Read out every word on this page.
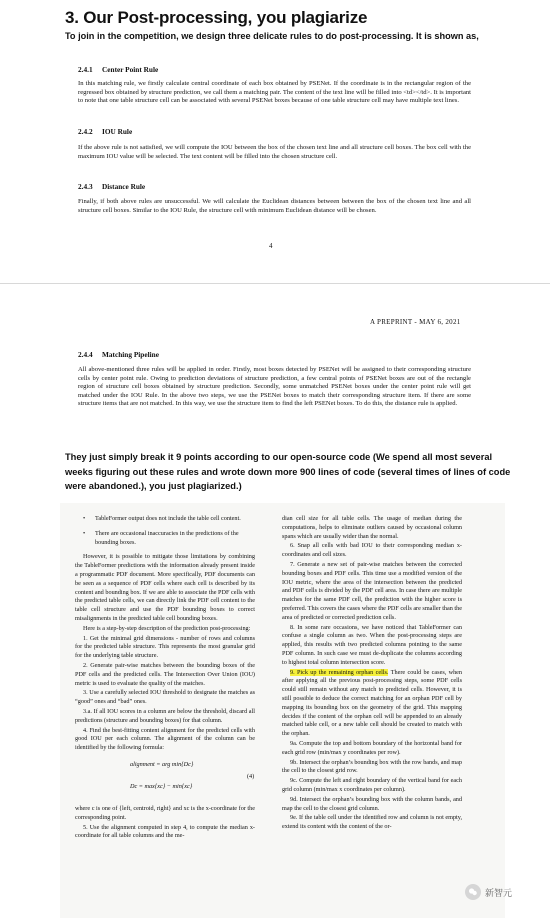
3. Our Post-processing, you plagiarize
To join in the competition, we design three delicate rules to do post-processing. It is shown as,
2.4.1 Center Point Rule
In this matching rule, we firstly calculate central coordinate of each box obtained by PSENet. If the coordinate is in the rectangular region of the regressed box obtained by structure prediction, we call them a matching pair. The content of the text line will be filled into <td></td>. It is important to note that one table structure cell can be associated with several PSENet boxes because of one table structure cell may have multiple text lines.
2.4.2 IOU Rule
If the above rule is not satisfied, we will compute the IOU between the box of the chosen text line and all structure cell boxes. The box cell with the maximum IOU value will be selected. The text content will be filled into the chosen structure cell.
2.4.3 Distance Rule
Finally, if both above rules are unsuccessful. We will calculate the Euclidean distances between between the box of the chosen text line and all structure cell boxes. Similar to the IOU Rule, the structure cell with minimum Euclidean distance will be chosen.
4
A PREPRINT - MAY 6, 2021
2.4.4 Matching Pipeline
All above-mentioned three rules will be applied in order. Firstly, most boxes detected by PSENet will be assigned to their corresponding structure cells by center point rule. Owing to prediction deviations of structure prediction, a few central points of PSENet boxes are out of the rectangle region of structure cell boxes obtained by structure prediction. Secondly, some unmatched PSENet boxes under the center point rule will get matched under the IOU Rule. In the above two steps, we use the PSENet boxes to match their corresponding structure item. If there are some structure items that are not matched. In this way, we use the structure item to find the left PSENet boxes. To do this, the distance rule is applied.
They just simply break it 9 points according to our open-source code (We spend all most several weeks figuring out these rules and wrote down more 900 lines of code (several times of lines of code were abandoned.), you just plagiarized.)
•	TableFormer output does not include the table cell content.
•	There are occasional inaccuracies in the predictions of the bounding boxes.

However, it is possible to mitigate those limitations by combining the TableFormer predictions with the information already present inside a programmatic PDF document. More specifically, PDF documents can be seen as a sequence of PDF cells where each cell is described by its content and bounding box. If we are able to associate the PDF cells with the predicted table cells, we can directly link the PDF cell content to the table cell structure and use the PDF bounding boxes to correct misalignments in the predicted table cell bounding boxes.

Here is a step-by-step description of the prediction post-processing:

1. Get the minimal grid dimensions - number of rows and columns for the predicted table structure. This represents the most granular grid for the underlying table structure.

2. Generate pair-wise matches between the bounding boxes of the PDF cells and the predicted cells. The Intersection Over Union (IOU) metric is used to evaluate the quality of the matches.

3. Use a carefully selected IOU threshold to designate the matches as “good” ones and “bad” ones.

3.a. If all IOU scores in a column are below the threshold, discard all predictions (structure and bounding boxes) for that column.

4. Find the best-fitting content alignment for the predicted cells with good IOU per each column. The alignment of the column can be identified by the following formula:

alignment = arg min{Dc}
Dc = max{xc} − min{xc}
(4)

where c is one of {left, centroid, right} and xc is the x-coordinate for the corresponding point.

5. Use the alignment computed in step 4, to compute the median x-coordinate for all table columns and the me-

dian cell size for all table cells. The usage of median during the computations, helps to eliminate outliers caused by occasional column spans which are usually wider than the normal.

6. Snap all cells with bad IOU to their corresponding median x-coordinates and cell sizes.

7. Generate a new set of pair-wise matches between the corrected bounding boxes and PDF cells. This time use a modified version of the IOU metric, where the area of the intersection between the predicted and PDF cells is divided by the PDF cell area. In case there are multiple matches for the same PDF cell, the prediction with the higher score is preferred. This covers the cases where the PDF cells are smaller than the area of predicted or corrected prediction cells.

8. In some rare occasions, we have noticed that TableFormer can confuse a single column as two. When the post-processing steps are applied, this results with two predicted columns pointing to the same PDF column. In such case we must de-duplicate the columns according to highest total column intersection score.

9. Pick up the remaining orphan cells. There could be cases, when after applying all the previous post-processing steps, some PDF cells could still remain without any match to predicted cells. However, it is still possible to deduce the correct matching for an orphan PDF cell by mapping its bounding box on the geometry of the grid. This mapping decides if the content of the orphan cell will be appended to an already matched table cell, or a new table cell should be created to match with the orphan.

9a. Compute the top and bottom boundary of the horizontal band for each grid row (min/max y coordinates per row).

9b. Intersect the orphan’s bounding box with the row bands, and map the cell to the closest grid row.

9c. Compute the left and right boundary of the vertical band for each grid column (min/max x coordinates per column).

9d. Intersect the orphan’s bounding box with the column bands, and map the cell to the closest grid column.

9e. If the table cell under the identified row and column is not empty, extend its content with the content of the or-

新智元
